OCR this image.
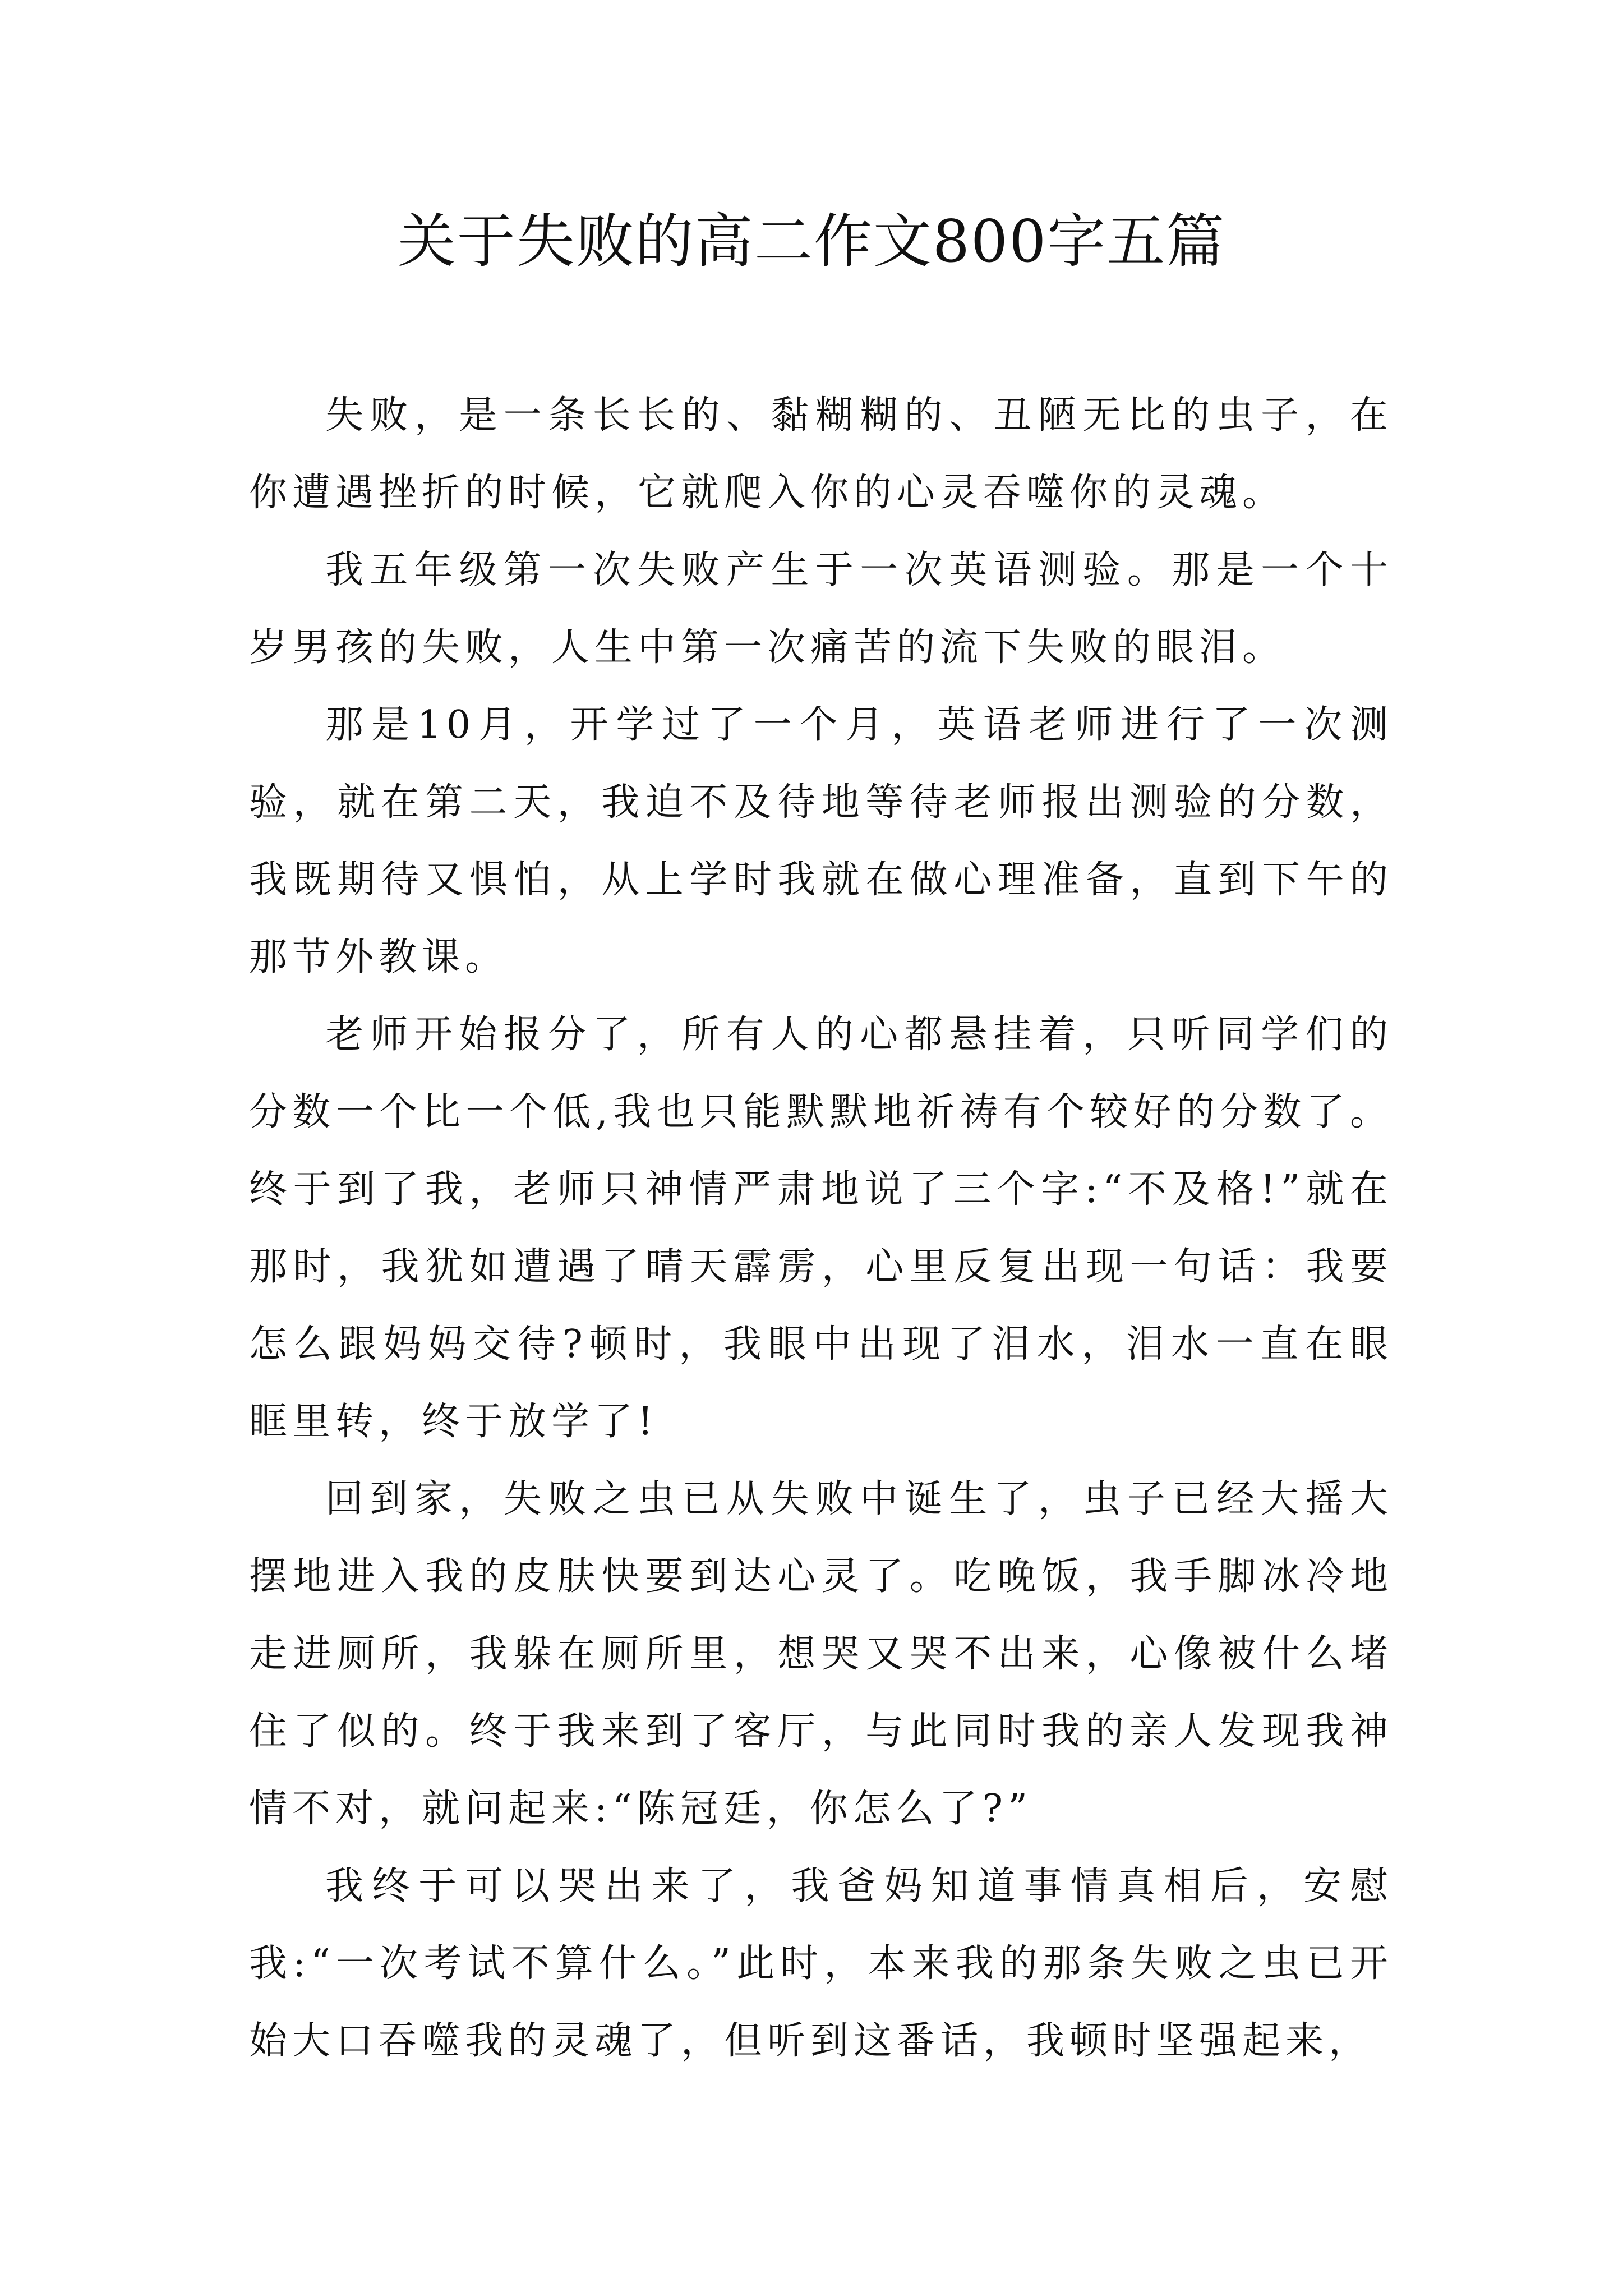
关于失败的高二作文800字五篇

失败，是一条长长的、黏糊糊的、丑陋无比的虫子，在你遭遇挫折的时候，它就爬入你的心灵吞噬你的灵魂。

我五年级第一次失败产生于一次英语测验。那是一个十岁男孩的失败，人生中第一次痛苦的流下失败的眼泪。

那是10月，开学过了一个月，英语老师进行了一次测验，就在第二天，我迫不及待地等待老师报出测验的分数，我既期待又惧怕，从上学时我就在做心理准备，直到下午的那节外教课。

老师开始报分了，所有人的心都悬挂着，只听同学们的分数一个比一个低,我也只能默默地祈祷有个较好的分数了。终于到了我，老师只神情严肃地说了三个字:“不及格!”就在那时，我犹如遭遇了晴天霹雳，心里反复出现一句话：我要怎么跟妈妈交待?顿时，我眼中出现了泪水，泪水一直在眼眶里转，终于放学了!

回到家，失败之虫已从失败中诞生了，虫子已经大摇大摆地进入我的皮肤快要到达心灵了。吃晚饭，我手脚冰冷地走进厕所，我躲在厕所里，想哭又哭不出来，心像被什么堵住了似的。终于我来到了客厅，与此同时我的亲人发现我神情不对，就问起来:“陈冠廷，你怎么了?”

我终于可以哭出来了，我爸妈知道事情真相后，安慰我:“一次考试不算什么。”此时，本来我的那条失败之虫已开始大口吞噬我的灵魂了，但听到这番话，我顿时坚强起来，
